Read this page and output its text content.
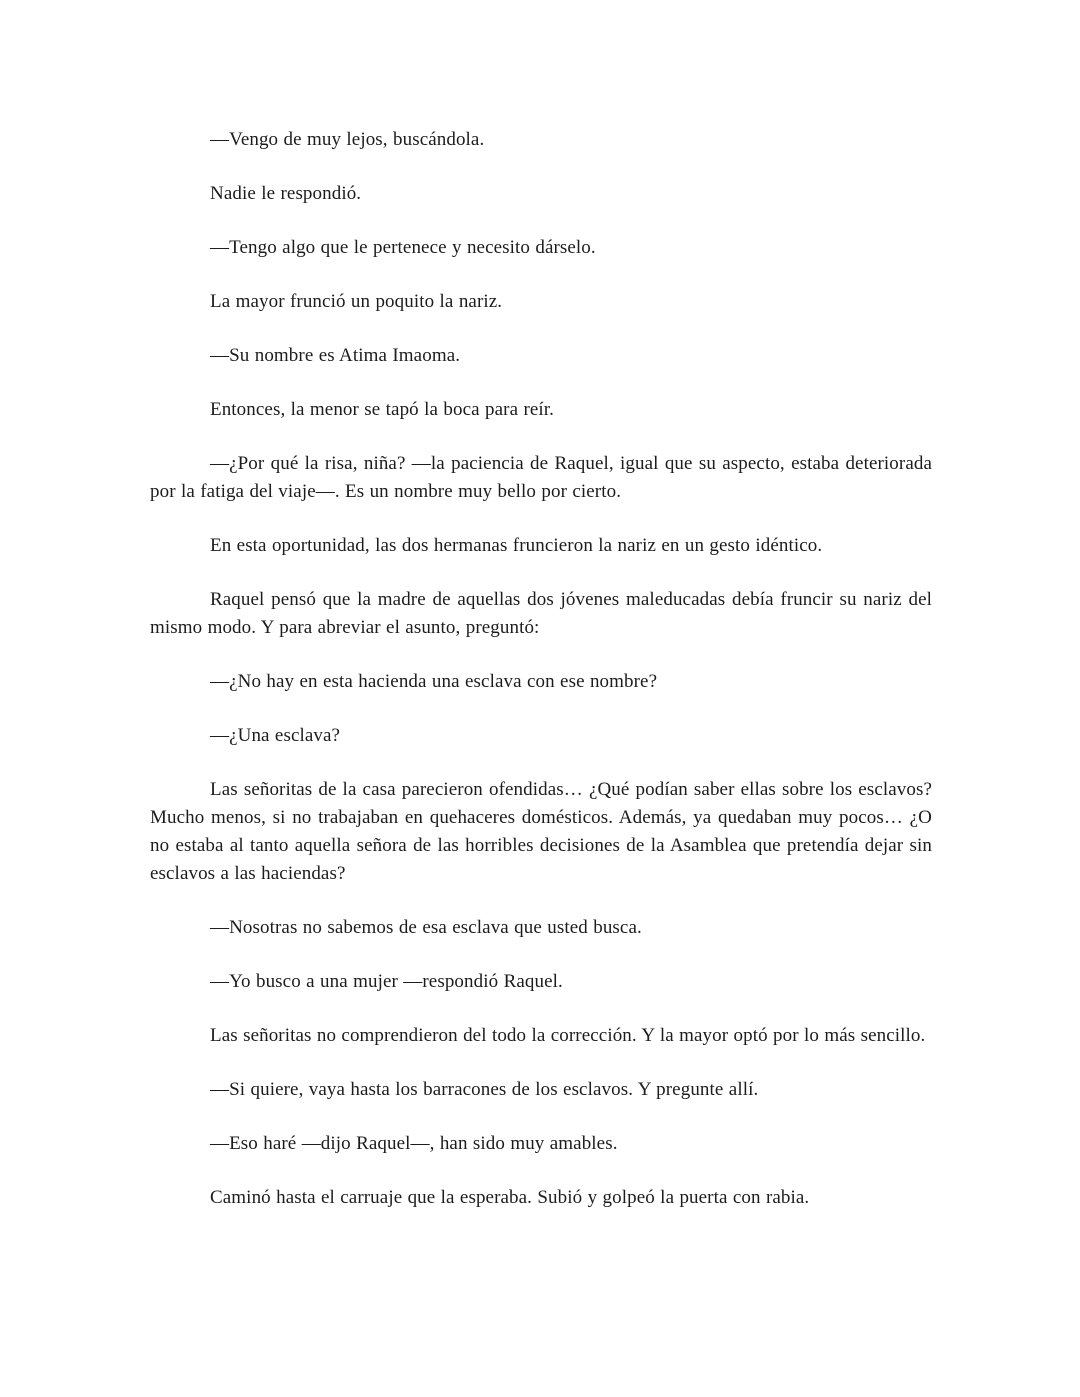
—Vengo de muy lejos, buscándola.

Nadie le respondió.

—Tengo algo que le pertenece y necesito dárselo.

La mayor frunció un poquito la nariz.

—Su nombre es Atima Imaoma.

Entonces, la menor se tapó la boca para reír.

—¿Por qué la risa, niña? —la paciencia de Raquel, igual que su aspecto, estaba deteriorada por la fatiga del viaje—. Es un nombre muy bello por cierto.

En esta oportunidad, las dos hermanas fruncieron la nariz en un gesto idéntico.

Raquel pensó que la madre de aquellas dos jóvenes maleducadas debía fruncir su nariz del mismo modo. Y para abreviar el asunto, preguntó:

—¿No hay en esta hacienda una esclava con ese nombre?

—¿Una esclava?

Las señoritas de la casa parecieron ofendidas… ¿Qué podían saber ellas sobre los esclavos? Mucho menos, si no trabajaban en quehaceres domésticos. Además, ya quedaban muy pocos… ¿O no estaba al tanto aquella señora de las horribles decisiones de la Asamblea que pretendía dejar sin esclavos a las haciendas?

—Nosotras no sabemos de esa esclava que usted busca.

—Yo busco a una mujer —respondió Raquel.

Las señoritas no comprendieron del todo la corrección. Y la mayor optó por lo más sencillo.

—Si quiere, vaya hasta los barracones de los esclavos. Y pregunte allí.

—Eso haré —dijo Raquel—, han sido muy amables.

Caminó hasta el carruaje que la esperaba. Subió y golpeó la puerta con rabia.
